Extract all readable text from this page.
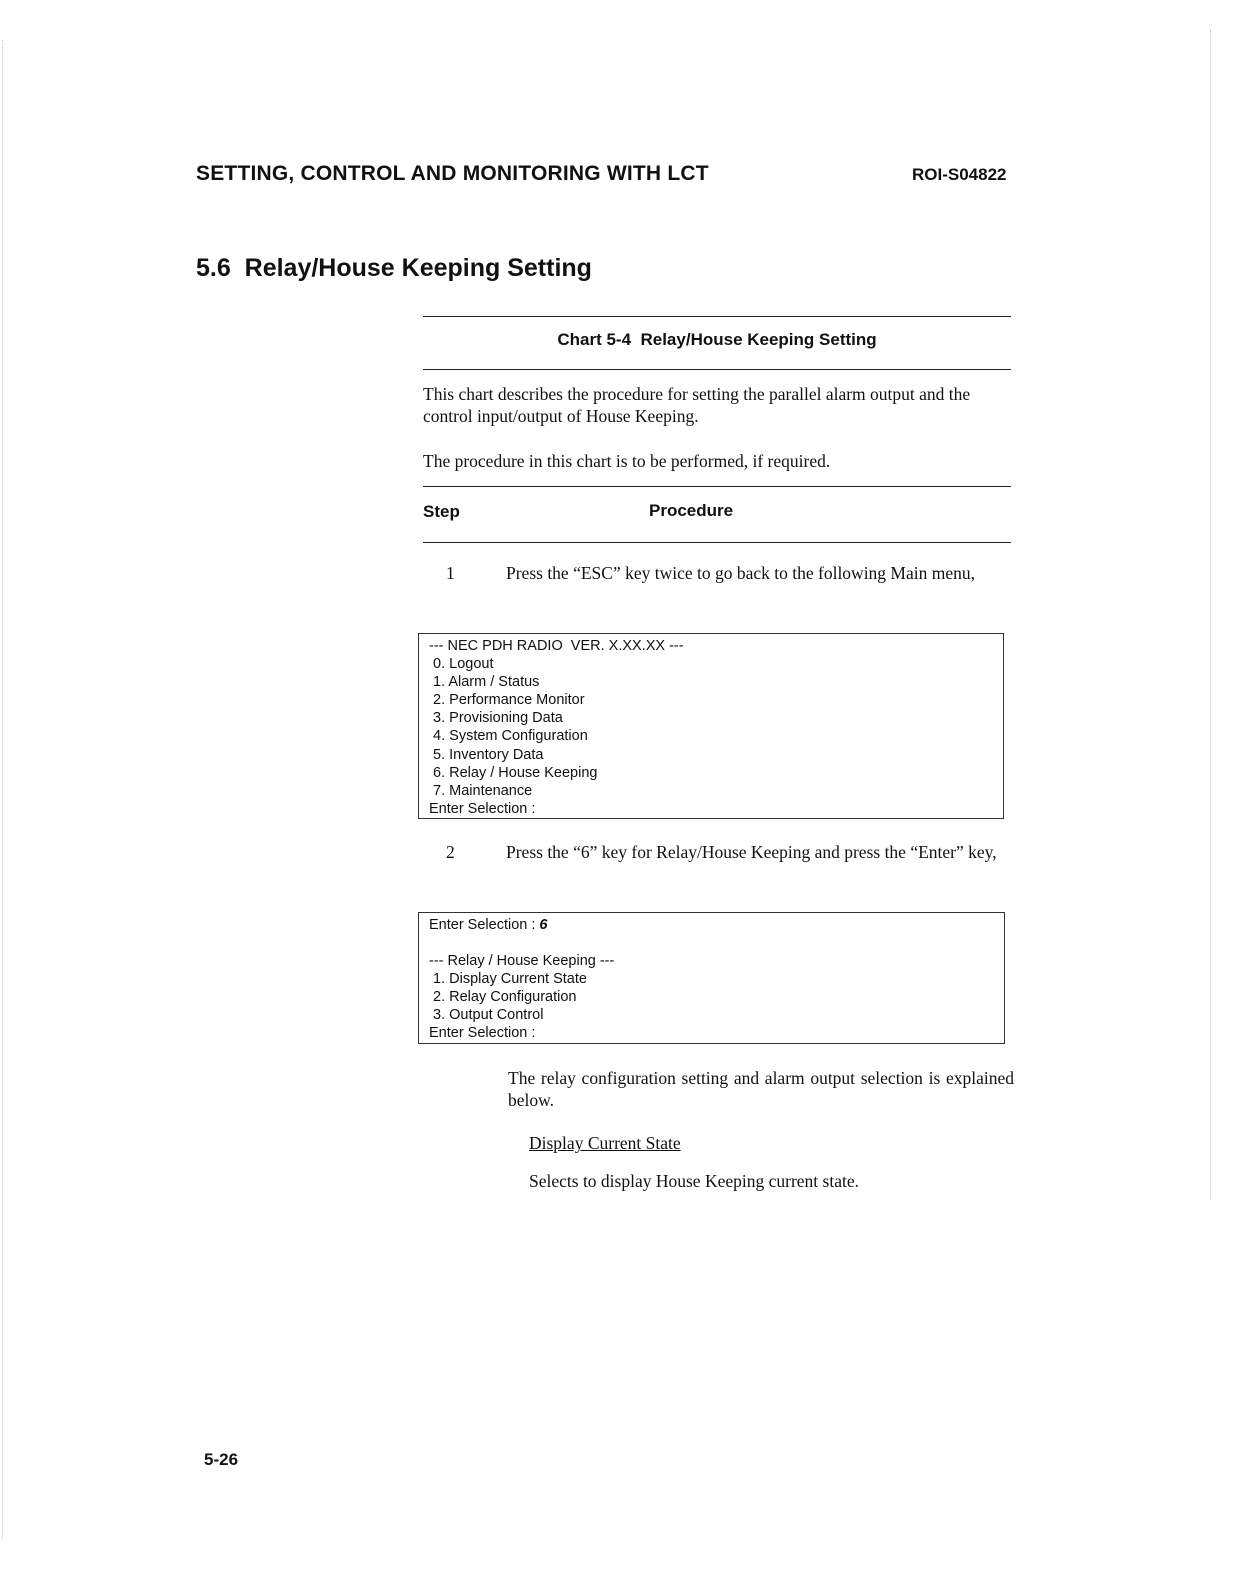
SETTING, CONTROL AND MONITORING WITH LCT	ROI-S04822
5.6  Relay/House Keeping Setting
Chart 5-4  Relay/House Keeping Setting
This chart describes the procedure for setting the parallel alarm output and the control input/output of House Keeping.
The procedure in this chart is to be performed, if required.
Step	Procedure
1	Press the “ESC” key twice to go back to the following Main menu,
--- NEC PDH RADIO  VER. X.XX.XX ---
0. Logout
1. Alarm / Status
2. Performance Monitor
3. Provisioning Data
4. System Configuration
5. Inventory Data
6. Relay / House Keeping
7. Maintenance
Enter Selection :
2	Press the “6” key for Relay/House Keeping and press the “Enter” key,
Enter Selection : 6
--- Relay / House Keeping ---
1. Display Current State
2. Relay Configuration
3. Output Control
Enter Selection :
The relay configuration setting and alarm output selection is explained below.
Display Current State
Selects to display House Keeping current state.
5-26
